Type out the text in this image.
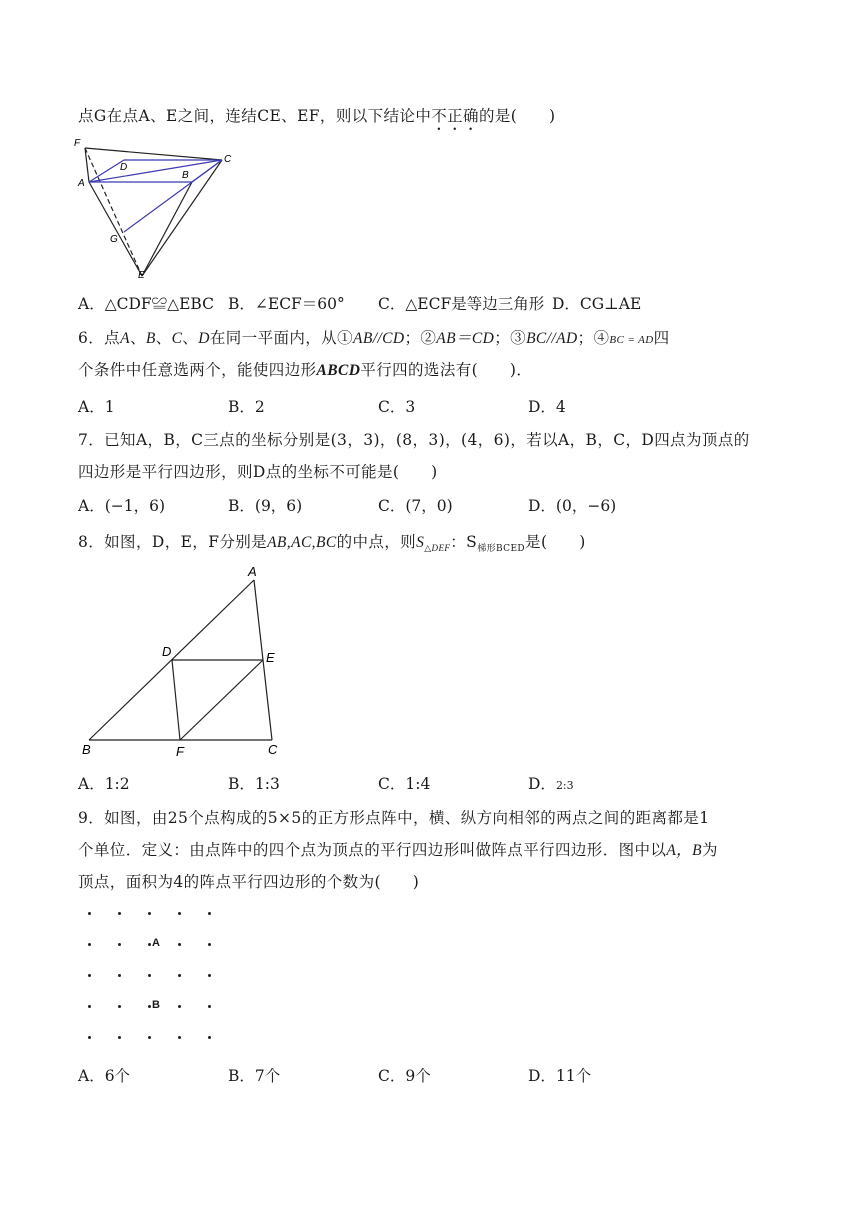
点G在点A、E之间，连结CE、EF，则以下结论中不正确的是(　　)
F
D
C
A
B
G
E
A．△CDF≌△EBC B．∠ECF＝60° C．△ECF是等边三角形 D．CG⊥AE
6．点A、B、C、D在同一平面内，从①AB//CD；②AB＝CD；③BC//AD；④BC = AD四
个条件中任意选两个，能使四边形ABCD平行四的选法有(　　)．
A．1	B．2	C．3	D．4
7．已知A，B，C三点的坐标分别是(3，3)，(8，3)，(4，6)，若以A，B，C，D四点为顶点的
四边形是平行四边形，则D点的坐标不可能是(　　)
A．(−1，6)	B．(9，6)	C．(7，0)	D．(0，−6)
8．如图，D，E，F分别是AB,AC,BC的中点，则$S_{\triangle DEF}$：$S_{梯形BCED}$是(　　)
A
D	E
B	F	C
A．1:2	B．1:3	C．1:4	D．2:3
9．如图，由25个点构成的5×5的正方形点阵中，横、纵方向相邻的两点之间的距离都是1
个单位．定义：由点阵中的四个点为顶点的平行四边形叫做阵点平行四边形．图中以A，B为
顶点，面积为4的阵点平行四边形的个数为(　　)
A
B
A．6个	B．7个	C．9个	D．11个
